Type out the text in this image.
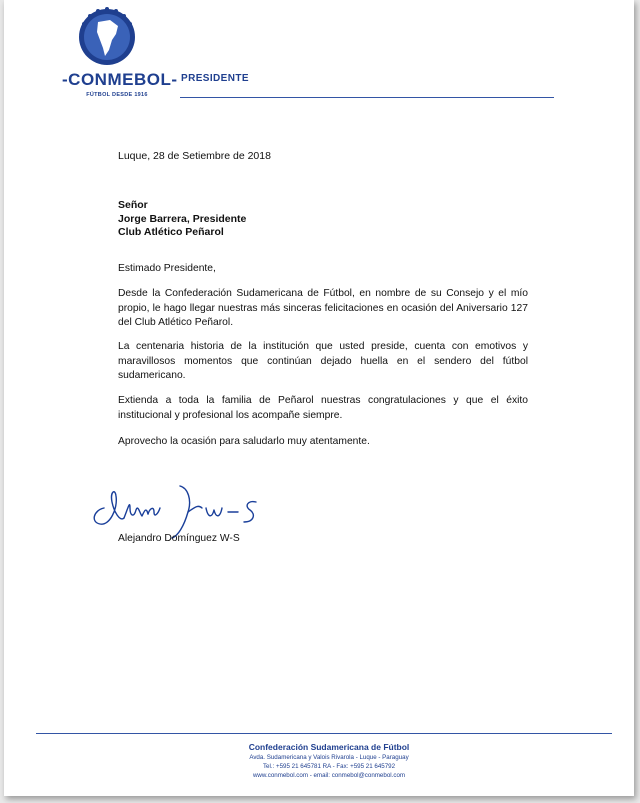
-CONMEBOL-
FÚTBOL DESDE 1916
PRESIDENTE
Luque, 28 de Setiembre de 2018
Señor
Jorge Barrera, Presidente
Club Atlético Peñarol
Estimado Presidente,

Desde la Confederación Sudamericana de Fútbol, en nombre de su Consejo y el mío propio, le hago llegar nuestras más sinceras felicitaciones en ocasión del Aniversario 127 del Club Atlético Peñarol.

La centenaria historia de la institución que usted preside, cuenta con emotivos y maravillosos momentos que continúan dejado huella en el sendero del fútbol sudamericano.

Extienda a toda la familia de Peñarol nuestras congratulaciones y que el éxito institucional y profesional los acompañe siempre.

Aprovecho la ocasión para saludarlo muy atentamente.

Alejandro Domínguez W-S
Confederación Sudamericana de Fútbol
Avda. Sudamericana y Valois Rivarola - Luque - Paraguay
Tel.: +595 21 645781 RA - Fax: +595 21 645792
www.conmebol.com - email: conmebol@conmebol.com
